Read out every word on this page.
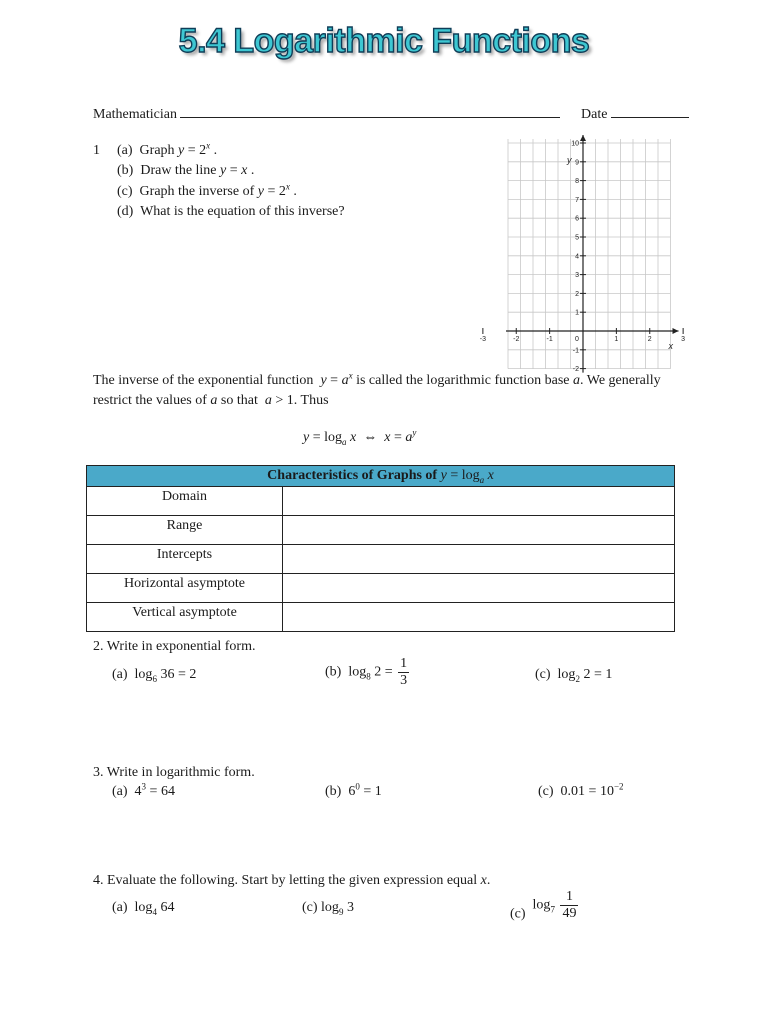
5.4 Logarithmic Functions
Mathematician	Date
1 (a) Graph $y = 2^x$ .
(b) Draw the line y = x .
(c) Graph the inverse of $y = 2^x$ .
(d) What is the equation of this inverse?
-3	-2	-1	0	1	2	3
10
9
8
7
6
5
4
3
2
1
-1
-2
x
y
The inverse of the exponential function $y = a^x$ is called the logarithmic function base a. We generally
restrict the values of a so that a > 1. Thus
$y = \log_a x$  ⇔  $x = a^y$
Characteristics of Graphs of $y = \log_a x$	
Domain	
Range	
Intercepts	
Horizontal asymptote	
Vertical asymptote	
2. Write in exponential form.
(a)  $\log_6 36 = 2$	(b)  $\log_8 2 = \frac{1}{3}$	(c)  $\log_2 2 = 1$
3. Write in logarithmic form.
(a)  $4^3 = 64$	(b)  $6^0 = 1$	(c)  $0.01 = 10^{-2}$
4. Evaluate the following. Start by letting the given expression equal x.
(a)  $\log_4 64$	(c) $\log_9 3$	(c)  $\log_7 \frac{1}{49}$
